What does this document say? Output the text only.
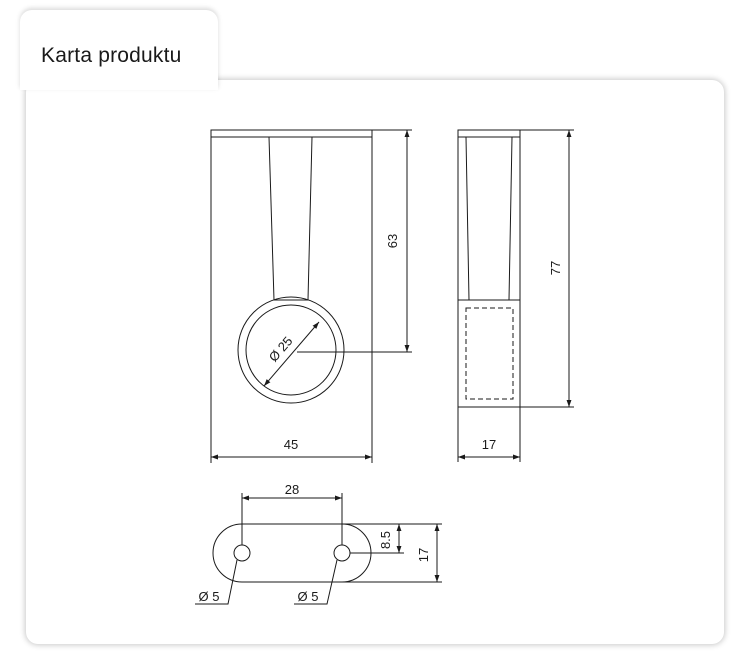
Karta produktu
63
45
Ø 25
77
17
28
8.5
17
Ø 5	Ø 5
